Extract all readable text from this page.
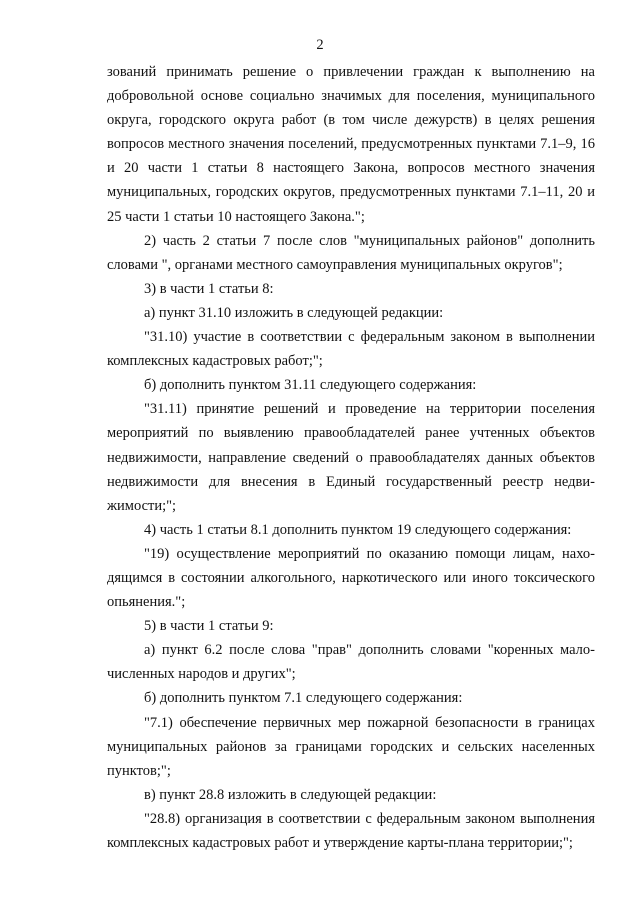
2

зований принимать решение о привлечении граждан к выполнению на добровольной основе социально значимых для поселения, муниципального округа, городского округа работ (в том числе дежурств) в целях решения вопросов местного значения поселений, предусмотренных пунктами 7.1–9, 16 и 20 части 1 статьи 8 настоящего Закона, вопросов местного значения муниципальных, городских округов, предусмотренных пунктами 7.1–11, 20 и 25 части 1 статьи 10 настоящего Закона.";

2) часть 2 статьи 7 после слов "муниципальных районов" дополнить словами ", органами местного самоуправления муниципальных округов";

3) в части 1 статьи 8:

а) пункт 31.10 изложить в следующей редакции:

"31.10) участие в соответствии с федеральным законом в выполнении комплексных кадастровых работ;";

б) дополнить пунктом 31.11 следующего содержания:

"31.11) принятие решений и проведение на территории поселения мероприятий по выявлению правообладателей ранее учтенных объектов недвижимости, направление сведений о правообладателях данных объектов недвижимости для внесения в Единый государственный реестр недвижимости;";

4) часть 1 статьи 8.1 дополнить пунктом 19 следующего содержания:

"19) осуществление мероприятий по оказанию помощи лицам, находящимся в состоянии алкогольного, наркотического или иного токсического опьянения.";

5) в части 1 статьи 9:

а) пункт 6.2 после слова "прав" дополнить словами "коренных малочисленных народов и других";

б) дополнить пунктом 7.1 следующего содержания:

"7.1) обеспечение первичных мер пожарной безопасности в границах муниципальных районов за границами городских и сельских населенных пунктов;";

в) пункт 28.8 изложить в следующей редакции:

"28.8) организация в соответствии с федеральным законом выполнения комплексных кадастровых работ и утверждение карты-плана территории;";
